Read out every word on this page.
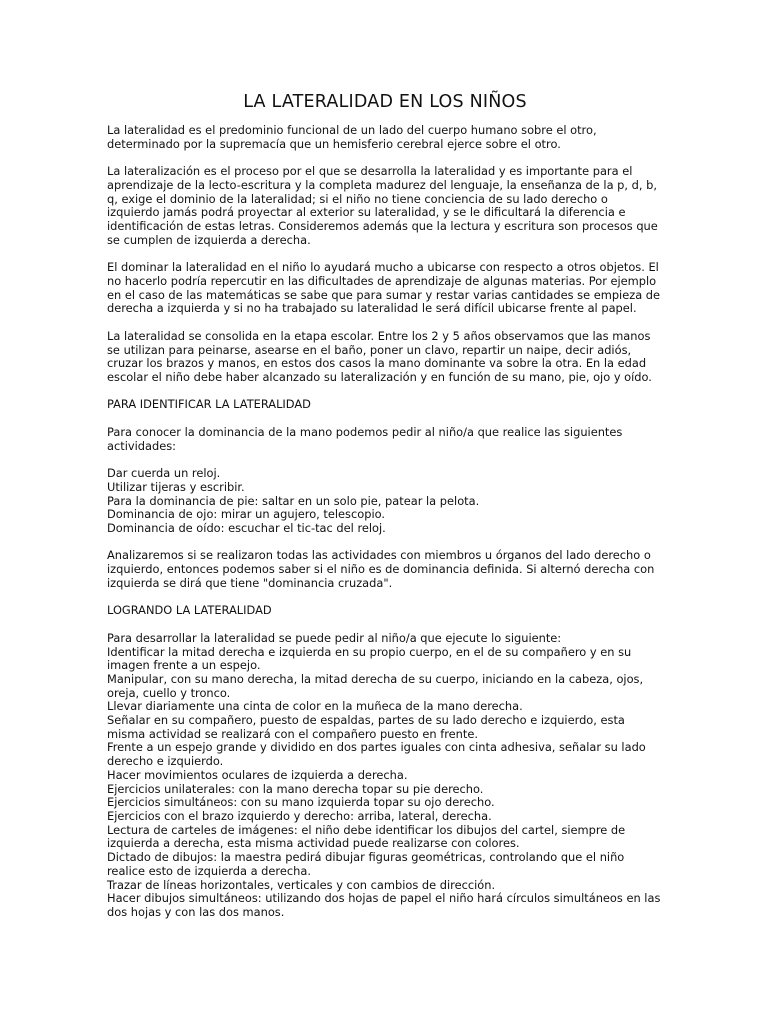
LA LATERALIDAD EN LOS NIÑOS

La lateralidad es el predominio funcional de un lado del cuerpo humano sobre el otro, determinado por la supremacía que un hemisferio cerebral ejerce sobre el otro.

La lateralización es el proceso por el que se desarrolla la lateralidad y es importante para el aprendizaje de la lecto-escritura y la completa madurez del lenguaje, la enseñanza de la p, d, b, q, exige el dominio de la lateralidad; si el niño no tiene conciencia de su lado derecho o izquierdo jamás podrá proyectar al exterior su lateralidad, y se le dificultará la diferencia e identificación de estas letras. Consideremos además que la lectura y escritura son procesos que se cumplen de izquierda a derecha.

El dominar la lateralidad en el niño lo ayudará mucho a ubicarse con respecto a otros objetos. El no hacerlo podría repercutir en las dificultades de aprendizaje de algunas materias. Por ejemplo en el caso de las matemáticas se sabe que para sumar y restar varias cantidades se empieza de derecha a izquierda y si no ha trabajado su lateralidad le será difícil ubicarse frente al papel.

La lateralidad se consolida en la etapa escolar. Entre los 2 y 5 años observamos que las manos se utilizan para peinarse, asearse en el baño, poner un clavo, repartir un naipe, decir adiós, cruzar los brazos y manos, en estos dos casos la mano dominante va sobre la otra. En la edad escolar el niño debe haber alcanzado su lateralización y en función de su mano, pie, ojo y oído.

PARA IDENTIFICAR LA LATERALIDAD

Para conocer la dominancia de la mano podemos pedir al niño/a que realice las siguientes actividades:

Dar cuerda un reloj.
Utilizar tijeras y escribir.
Para la dominancia de pie: saltar en un solo pie, patear la pelota.
Dominancia de ojo: mirar un agujero, telescopio.
Dominancia de oído: escuchar el tic-tac del reloj.

Analizaremos si se realizaron todas las actividades con miembros u órganos del lado derecho o izquierdo, entonces podemos saber si el niño es de dominancia definida. Si alternó derecha con izquierda se dirá que tiene "dominancia cruzada".

LOGRANDO LA LATERALIDAD

Para desarrollar la lateralidad se puede pedir al niño/a que ejecute lo siguiente:

Identificar la mitad derecha e izquierda en su propio cuerpo, en el de su compañero y en su imagen frente a un espejo.
Manipular, con su mano derecha, la mitad derecha de su cuerpo, iniciando en la cabeza, ojos, oreja, cuello y tronco.
Llevar diariamente una cinta de color en la muñeca de la mano derecha.
Señalar en su compañero, puesto de espaldas, partes de su lado derecho e izquierdo, esta misma actividad se realizará con el compañero puesto en frente.
Frente a un espejo grande y dividido en dos partes iguales con cinta adhesiva, señalar su lado derecho e izquierdo.
Hacer movimientos oculares de izquierda a derecha.
Ejercicios unilaterales: con la mano derecha topar su pie derecho.
Ejercicios simultáneos: con su mano izquierda topar su ojo derecho.
Ejercicios con el brazo izquierdo y derecho: arriba, lateral, derecha.
Lectura de carteles de imágenes: el niño debe identificar los dibujos del cartel, siempre de izquierda a derecha, esta misma actividad puede realizarse con colores.
Dictado de dibujos: la maestra pedirá dibujar figuras geométricas, controlando que el niño realice esto de izquierda a derecha.
Trazar de líneas horizontales, verticales y con cambios de dirección.
Hacer dibujos simultáneos: utilizando dos hojas de papel el niño hará círculos simultáneos en las dos hojas y con las dos manos.
